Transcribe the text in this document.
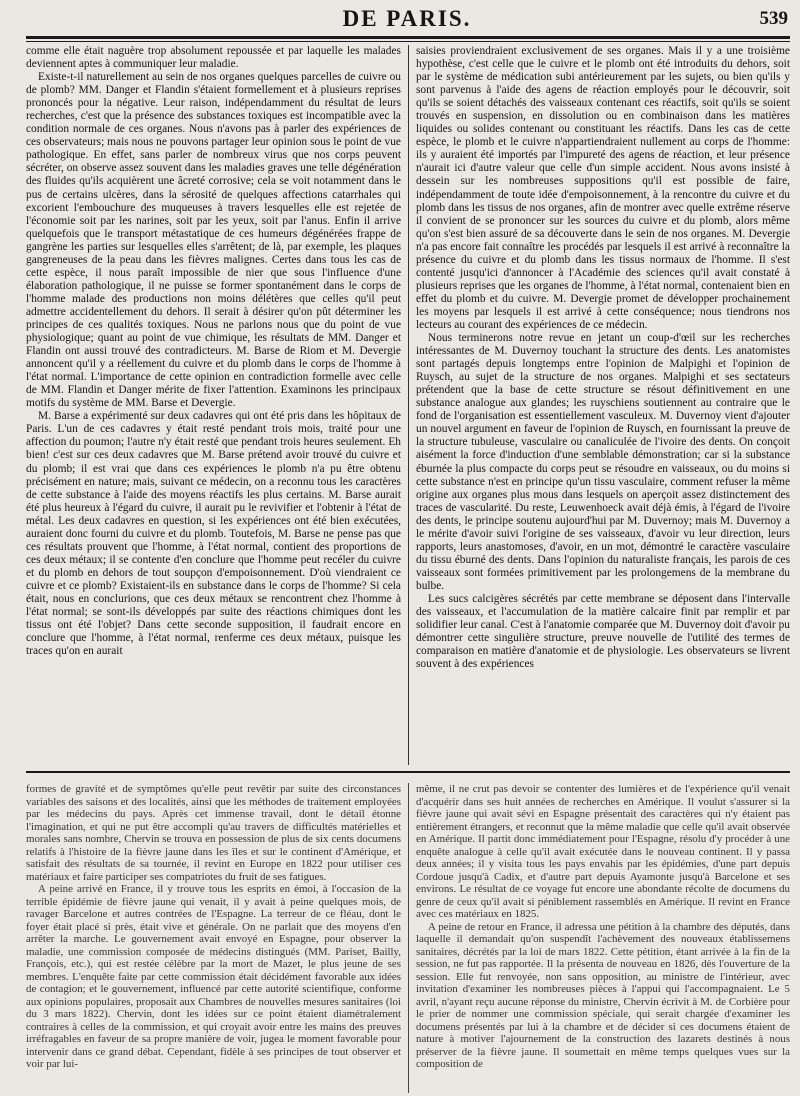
DE PARIS.	539

comme elle était naguère trop absolument repoussée et par laquelle les malades deviennent aptes à communiquer leur maladie.

Existe-t-il naturellement au sein de nos organes quelques parcelles de cuivre ou de plomb? MM. Danger et Flandin s'étaient formellement et à plusieurs reprises prononcés pour la négative. Leur raison, indépendamment du résultat de leurs recherches, c'est que la présence des substances toxiques est incompatible avec la condition normale de ces organes. Nous n'avons pas à parler des expériences de ces observateurs; mais nous ne pouvons partager leur opinion sous le point de vue pathologique. En effet, sans parler de nombreux virus que nos corps peuvent sécréter, on observe assez souvent dans les maladies graves une telle dégénération des fluides qu'ils acquièrent une âcreté corrosive; cela se voit notamment dans le pus de certains ulcères, dans la sérosité de quelques affections catarrhales qui excorient l'embouchure des muqueuses à travers lesquelles elle est rejetée de l'économie soit par les narines, soit par les yeux, soit par l'anus. Enfin il arrive quelquefois que le transport métastatique de ces humeurs dégénérées frappe de gangrène les parties sur lesquelles elles s'arrêtent; de là, par exemple, les plaques gangreneuses de la peau dans les fièvres malignes. Certes dans tous les cas de cette espèce, il nous paraît impossible de nier que sous l'influence d'une élaboration pathologique, il ne puisse se former spontanément dans le corps de l'homme malade des productions non moins délétères que celles qu'il peut admettre accidentellement du dehors. Il serait à désirer qu'on pût déterminer les principes de ces qualités toxiques. Nous ne parlons nous que du point de vue physiologique; quant au point de vue chimique, les résultats de MM. Danger et Flandin ont aussi trouvé des contradicteurs. M. Barse de Riom et M. Devergie annoncent qu'il y a réellement du cuivre et du plomb dans le corps de l'homme à l'état normal. L'importance de cette opinion en contradiction formelle avec celle de MM. Flandin et Danger mérite de fixer l'attention. Examinons les principaux motifs du système de MM. Barse et Devergie.

M. Barse a expérimenté sur deux cadavres qui ont été pris dans les hôpitaux de Paris. L'un de ces cadavres y était resté pendant trois mois, traité pour une affection du poumon; l'autre n'y était resté que pendant trois heures seulement. Eh bien! c'est sur ces deux cadavres que M. Barse prétend avoir trouvé du cuivre et du plomb; il est vrai que dans ces expériences le plomb n'a pu être obtenu précisément en nature; mais, suivant ce médecin, on a reconnu tous les caractères de cette substance à l'aide des moyens réactifs les plus certains. M. Barse aurait été plus heureux à l'égard du cuivre, il aurait pu le revivifier et l'obtenir à l'état de métal. Les deux cadavres en question, si les expériences ont été bien exécutées, auraient donc fourni du cuivre et du plomb. Toutefois, M. Barse ne pense pas que ces résultats prouvent que l'homme, à l'état normal, contient des proportions de ces deux métaux; il se contente d'en conclure que l'homme peut recéler du cuivre et du plomb en dehors de tout soupçon d'empoisonnement. D'où viendraient ce cuivre et ce plomb? Existaient-ils en substance dans le corps de l'homme? Si cela était, nous en conclurions, que ces deux métaux se rencontrent chez l'homme à l'état normal; se sont-ils développés par suite des réactions chimiques dont les tissus ont été l'objet? Dans cette seconde supposition, il faudrait encore en conclure que l'homme, à l'état normal, renferme ces deux métaux, puisque les traces qu'on en aurait

saisies proviendraient exclusivement de ses organes. Mais il y a une troisième hypothèse, c'est celle que le cuivre et le plomb ont été introduits du dehors, soit par le système de médication subi antérieurement par les sujets, ou bien qu'ils y sont parvenus à l'aide des agens de réaction employés pour le découvrir, soit qu'ils se soient détachés des vaisseaux contenant ces réactifs, soit qu'ils se soient trouvés en suspension, en dissolution ou en combinaison dans les matières liquides ou solides contenant ou constituant les réactifs. Dans les cas de cette espèce, le plomb et le cuivre n'appartiendraient nullement au corps de l'homme: ils y auraient été importés par l'impureté des agens de réaction, et leur présence n'aurait ici d'autre valeur que celle d'un simple accident. Nous avons insisté à dessein sur les nombreuses suppositions qu'il est possible de faire, indépendamment de toute idée d'empoisonnement, à la rencontre du cuivre et du plomb dans les tissus de nos organes, afin de montrer avec quelle extrême réserve il convient de se prononcer sur les sources du cuivre et du plomb, alors même qu'on s'est bien assuré de sa découverte dans le sein de nos organes. M. Devergie n'a pas encore fait connaître les procédés par lesquels il est arrivé à reconnaître la présence du cuivre et du plomb dans les tissus normaux de l'homme. Il s'est contenté jusqu'ici d'annoncer à l'Académie des sciences qu'il avait constaté à plusieurs reprises que les organes de l'homme, à l'état normal, contenaient bien en effet du plomb et du cuivre. M. Devergie promet de développer prochainement les moyens par lesquels il est arrivé à cette conséquence; nous tiendrons nos lecteurs au courant des expériences de ce médecin.

Nous terminerons notre revue en jetant un coup-d'œil sur les recherches intéressantes de M. Duvernoy touchant la structure des dents. Les anatomistes sont partagés depuis longtemps entre l'opinion de Malpighi et l'opinion de Ruysch, au sujet de la structure de nos organes. Malpighi et ses sectateurs prétendent que la base de cette structure se résout définitivement en une substance analogue aux glandes; les ruyschiens soutiennent au contraire que le fond de l'organisation est essentiellement vasculeux. M. Duvernoy vient d'ajouter un nouvel argument en faveur de l'opinion de Ruysch, en fournissant la preuve de la structure tubuleuse, vasculaire ou canaliculée de l'ivoire des dents. On conçoit aisément la force d'induction d'une semblable démonstration; car si la substance éburnée la plus compacte du corps peut se résoudre en vaisseaux, ou du moins si cette substance n'est en principe qu'un tissu vasculaire, comment refuser la même origine aux organes plus mous dans lesquels on aperçoit assez distinctement des traces de vascularité. Du reste, Leuwenhoeck avait déjà émis, à l'égard de l'ivoire des dents, le principe soutenu aujourd'hui par M. Duvernoy; mais M. Duvernoy a le mérite d'avoir suivi l'origine de ses vaisseaux, d'avoir vu leur direction, leurs rapports, leurs anastomoses, d'avoir, en un mot, démontré le caractère vasculaire du tissu éburné des dents. Dans l'opinion du naturaliste français, les parois de ces vaisseaux sont formées primitivement par les prolongemens de la membrane du bulbe.

Les sucs calcigères sécrétés par cette membrane se déposent dans l'intervalle des vaisseaux, et l'accumulation de la matière calcaire finit par remplir et par solidifier leur canal. C'est à l'anatomie comparée que M. Duvernoy doit d'avoir pu démontrer cette singulière structure, preuve nouvelle de l'utilité des termes de comparaison en matière d'anatomie et de physiologie. Les observateurs se livrent souvent à des expériences

formes de gravité et de symptômes qu'elle peut revêtir par suite des circonstances variables des saisons et des localités, ainsi que les méthodes de traitement employées par les médecins du pays. Après cet immense travail, dont le détail étonne l'imagination, et qui ne put être accompli qu'au travers de difficultés matérielles et morales sans nombre, Chervin se trouva en possession de plus de six cents documens relatifs à l'histoire de la fièvre jaune dans les îles et sur le continent d'Amérique, et satisfait des résultats de sa tournée, il revint en Europe en 1822 pour utiliser ces matériaux et faire participer ses compatriotes du fruit de ses fatigues.

A peine arrivé en France, il y trouve tous les esprits en émoi, à l'occasion de la terrible épidémie de fièvre jaune qui venait, il y avait à peine quelques mois, de ravager Barcelone et autres contrées de l'Espagne. La terreur de ce fléau, dont le foyer était placé si près, était vive et générale. On ne parlait que des moyens d'en arrêter la marche. Le gouvernement avait envoyé en Espagne, pour observer la maladie, une commission composée de médecins distingués (MM. Pariset, Bailly, François, etc.), qui est restée célèbre par la mort de Mazet, le plus jeune de ses membres. L'enquête faite par cette commission était décidément favorable aux idées de contagion; et le gouvernement, influencé par cette autorité scientifique, conforme aux opinions populaires, proposait aux Chambres de nouvelles mesures sanitaires (loi du 3 mars 1822). Chervin, dont les idées sur ce point étaient diamétralement contraires à celles de la commission, et qui croyait avoir entre les mains des preuves irréfragables en faveur de sa propre manière de voir, jugea le moment favorable pour intervenir dans ce grand débat. Cependant, fidèle à ses principes de tout observer et voir par lui-

même, il ne crut pas devoir se contenter des lumières et de l'expérience qu'il venait d'acquérir dans ses huit années de recherches en Amérique. Il voulut s'assurer si la fièvre jaune qui avait sévi en Espagne présentait des caractères qui n'y étaient pas entièrement étrangers, et reconnut que la même maladie que celle qu'il avait observée en Amérique. Il partit donc immédiatement pour l'Espagne, résolu d'y procéder à une enquête analogue à celle qu'il avait exécutée dans le nouveau continent. Il y passa deux années; il y visita tous les pays envahis par les épidémies, d'une part depuis Cordoue jusqu'à Cadix, et d'autre part depuis Ayamonte jusqu'à Barcelone et ses environs. Le résultat de ce voyage fut encore une abondante récolte de documens du genre de ceux qu'il avait si péniblement rassemblés en Amérique. Il revint en France avec ces matériaux en 1825.

A peine de retour en France, il adressa une pétition à la chambre des députés, dans laquelle il demandait qu'on suspendît l'achèvement des nouveaux établissemens sanitaires, décrétés par la loi de mars 1822. Cette pétition, étant arrivée à la fin de la session, ne fut pas rapportée. Il la présenta de nouveau en 1826, dès l'ouverture de la session. Elle fut renvoyée, non sans opposition, au ministre de l'intérieur, avec invitation d'examiner les nombreuses pièces à l'appui qui l'accompagnaient. Le 5 avril, n'ayant reçu aucune réponse du ministre, Chervin écrivit à M. de Corbière pour le prier de nommer une commission spéciale, qui serait chargée d'examiner les documens présentés par lui à la chambre et de décider si ces documens étaient de nature à motiver l'ajournement de la construction des lazarets destinés à nous préserver de la fièvre jaune. Il soumettait en même temps quelques vues sur la composition de
